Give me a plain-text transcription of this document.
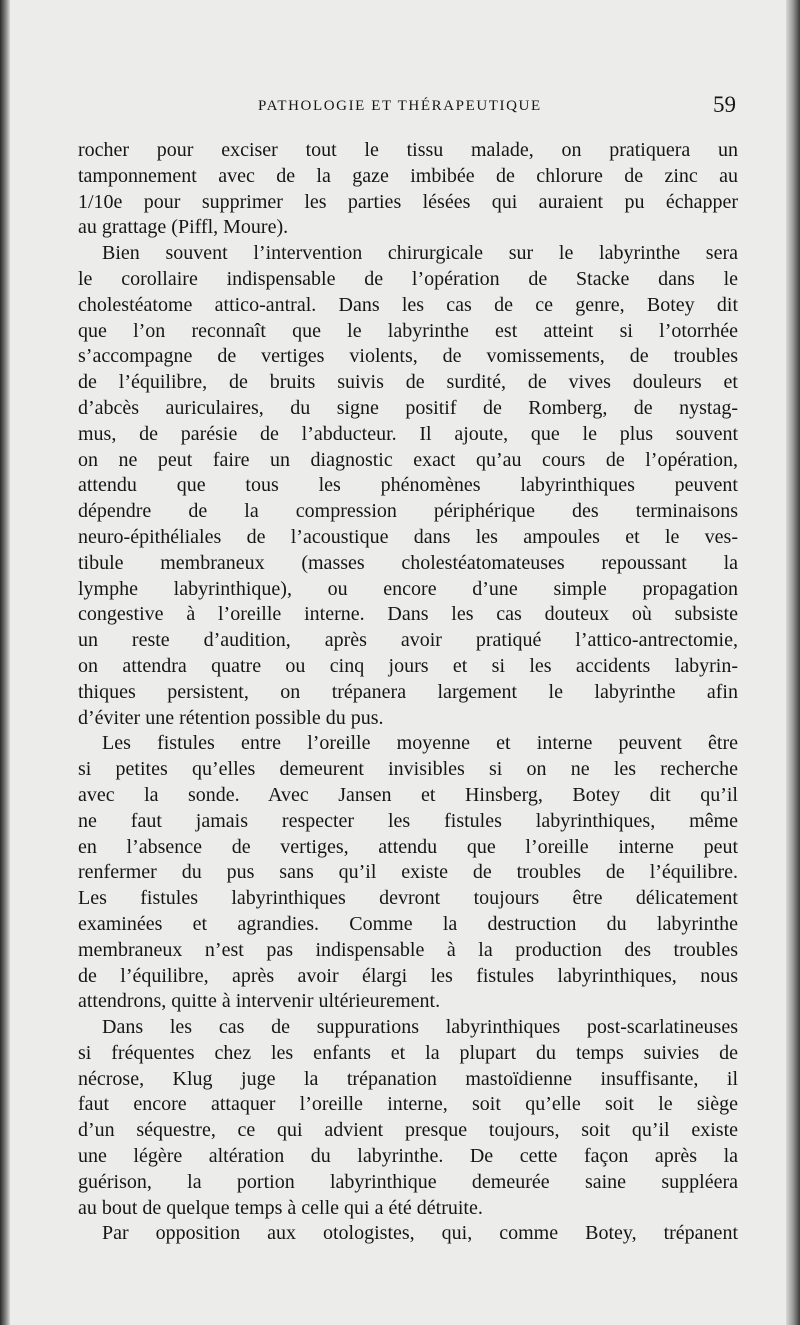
PATHOLOGIE ET THÉRAPEUTIQUE	59
rocher pour exciser tout le tissu malade, on pratiquera un
tamponnement avec de la gaze imbibée de chlorure de zinc au
1/10e pour supprimer les parties lésées qui auraient pu échapper
au grattage (Piffl, Moure).
Bien souvent l’intervention chirurgicale sur le labyrinthe sera
le corollaire indispensable de l’opération de Stacke dans le
cholestéatome attico-antral. Dans les cas de ce genre, Botey dit
que l’on reconnaît que le labyrinthe est atteint si l’otorrhée
s’accompagne de vertiges violents, de vomissements, de troubles
de l’équilibre, de bruits suivis de surdité, de vives douleurs et
d’abcès auriculaires, du signe positif de Romberg, de nystag-
mus, de parésie de l’abducteur. Il ajoute, que le plus souvent
on ne peut faire un diagnostic exact qu’au cours de l’opération,
attendu que tous les phénomènes labyrinthiques peuvent
dépendre de la compression périphérique des terminaisons
neuro-épithéliales de l’acoustique dans les ampoules et le ves-
tibule membraneux (masses cholestéatomateuses repoussant la
lymphe labyrinthique), ou encore d’une simple propagation
congestive à l’oreille interne. Dans les cas douteux où subsiste
un reste d’audition, après avoir pratiqué l’attico-antrectomie,
on attendra quatre ou cinq jours et si les accidents labyrin-
thiques persistent, on trépanera largement le labyrinthe afin
d’éviter une rétention possible du pus.
Les fistules entre l’oreille moyenne et interne peuvent être
si petites qu’elles demeurent invisibles si on ne les recherche
avec la sonde. Avec Jansen et Hinsberg, Botey dit qu’il
ne faut jamais respecter les fistules labyrinthiques, même
en l’absence de vertiges, attendu que l’oreille interne peut
renfermer du pus sans qu’il existe de troubles de l’équilibre.
Les fistules labyrinthiques devront toujours être délicatement
examinées et agrandies. Comme la destruction du labyrinthe
membraneux n’est pas indispensable à la production des troubles
de l’équilibre, après avoir élargi les fistules labyrinthiques, nous
attendrons, quitte à intervenir ultérieurement.
Dans les cas de suppurations labyrinthiques post-scarlatineuses
si fréquentes chez les enfants et la plupart du temps suivies de
nécrose, Klug juge la trépanation mastoïdienne insuffisante, il
faut encore attaquer l’oreille interne, soit qu’elle soit le siège
d’un séquestre, ce qui advient presque toujours, soit qu’il existe
une légère altération du labyrinthe. De cette façon après la
guérison, la portion labyrinthique demeurée saine suppléera
au bout de quelque temps à celle qui a été détruite.
Par opposition aux otologistes, qui, comme Botey, trépanent
